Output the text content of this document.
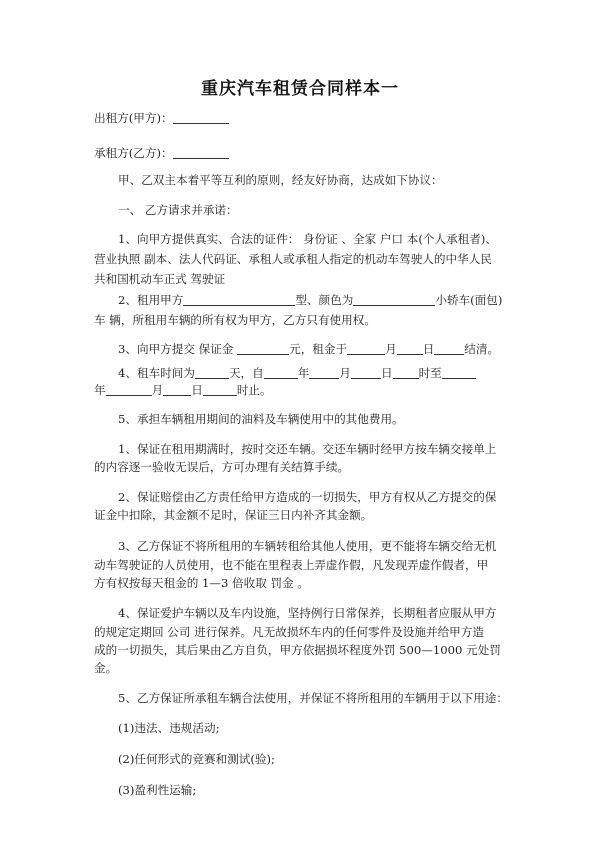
重庆汽车租赁合同样本一
出租方(甲方)：
承租方(乙方)：
甲、乙双主本着平等互利的原则，经友好协商，达成如下协议：
一、 乙方请求并承诺：
1、向甲方提供真实、合法的证件： 身份证 、全家 户口 本(个人承租者)、
营业执照 副本、法人代码证、承租人或承租人指定的机动车驾驶人的中华人民
共和国机动车正式 驾驶证
2、租用甲方	型、颜色为	小轿车(面包)
车 辆，所租用车辆的所有权为甲方，乙方只有使用权。
3、向甲方提交 保证金	元，租金于	月 日	结清。
4、租车时间为	天，自	年	月	日 时至
年	月 日	时止。
5、承担车辆租用期间的油料及车辆使用中的其他费用。
1、保证在租用期满时，按时交还车辆。交还车辆时经甲方按车辆交接单上
的内容逐一验收无误后，方可办理有关结算手续。
2、保证赔偿由乙方责任给甲方造成的一切损失，甲方有权从乙方提交的保
证金中扣除，其金额不足时，保证三日内补齐其金额。
3、乙方保证不将所租用的车辆转租给其他人使用，更不能将车辆交给无机
动车驾驶证的人员使用，也不能在里程表上弄虚作假，凡发现弄虚作假者，甲
方有权按每天租金的 1—3 倍收取 罚金 。
4、保证爱护车辆以及车内设施，坚持例行日常保养，长期租者应服从甲方
的规定定期回 公司 进行保养。凡无故损坏车内的任何零件及设施并给甲方造
成的一切损失，其后果由乙方自负，甲方依据损坏程度外罚 500—1000 元处罚
金。
5、乙方保证所承租车辆合法使用，并保证不将所租用的车辆用于以下用途：
(1)违法、违规活动;
(2)任何形式的竞赛和测试(验);
(3)盈利性运输;
